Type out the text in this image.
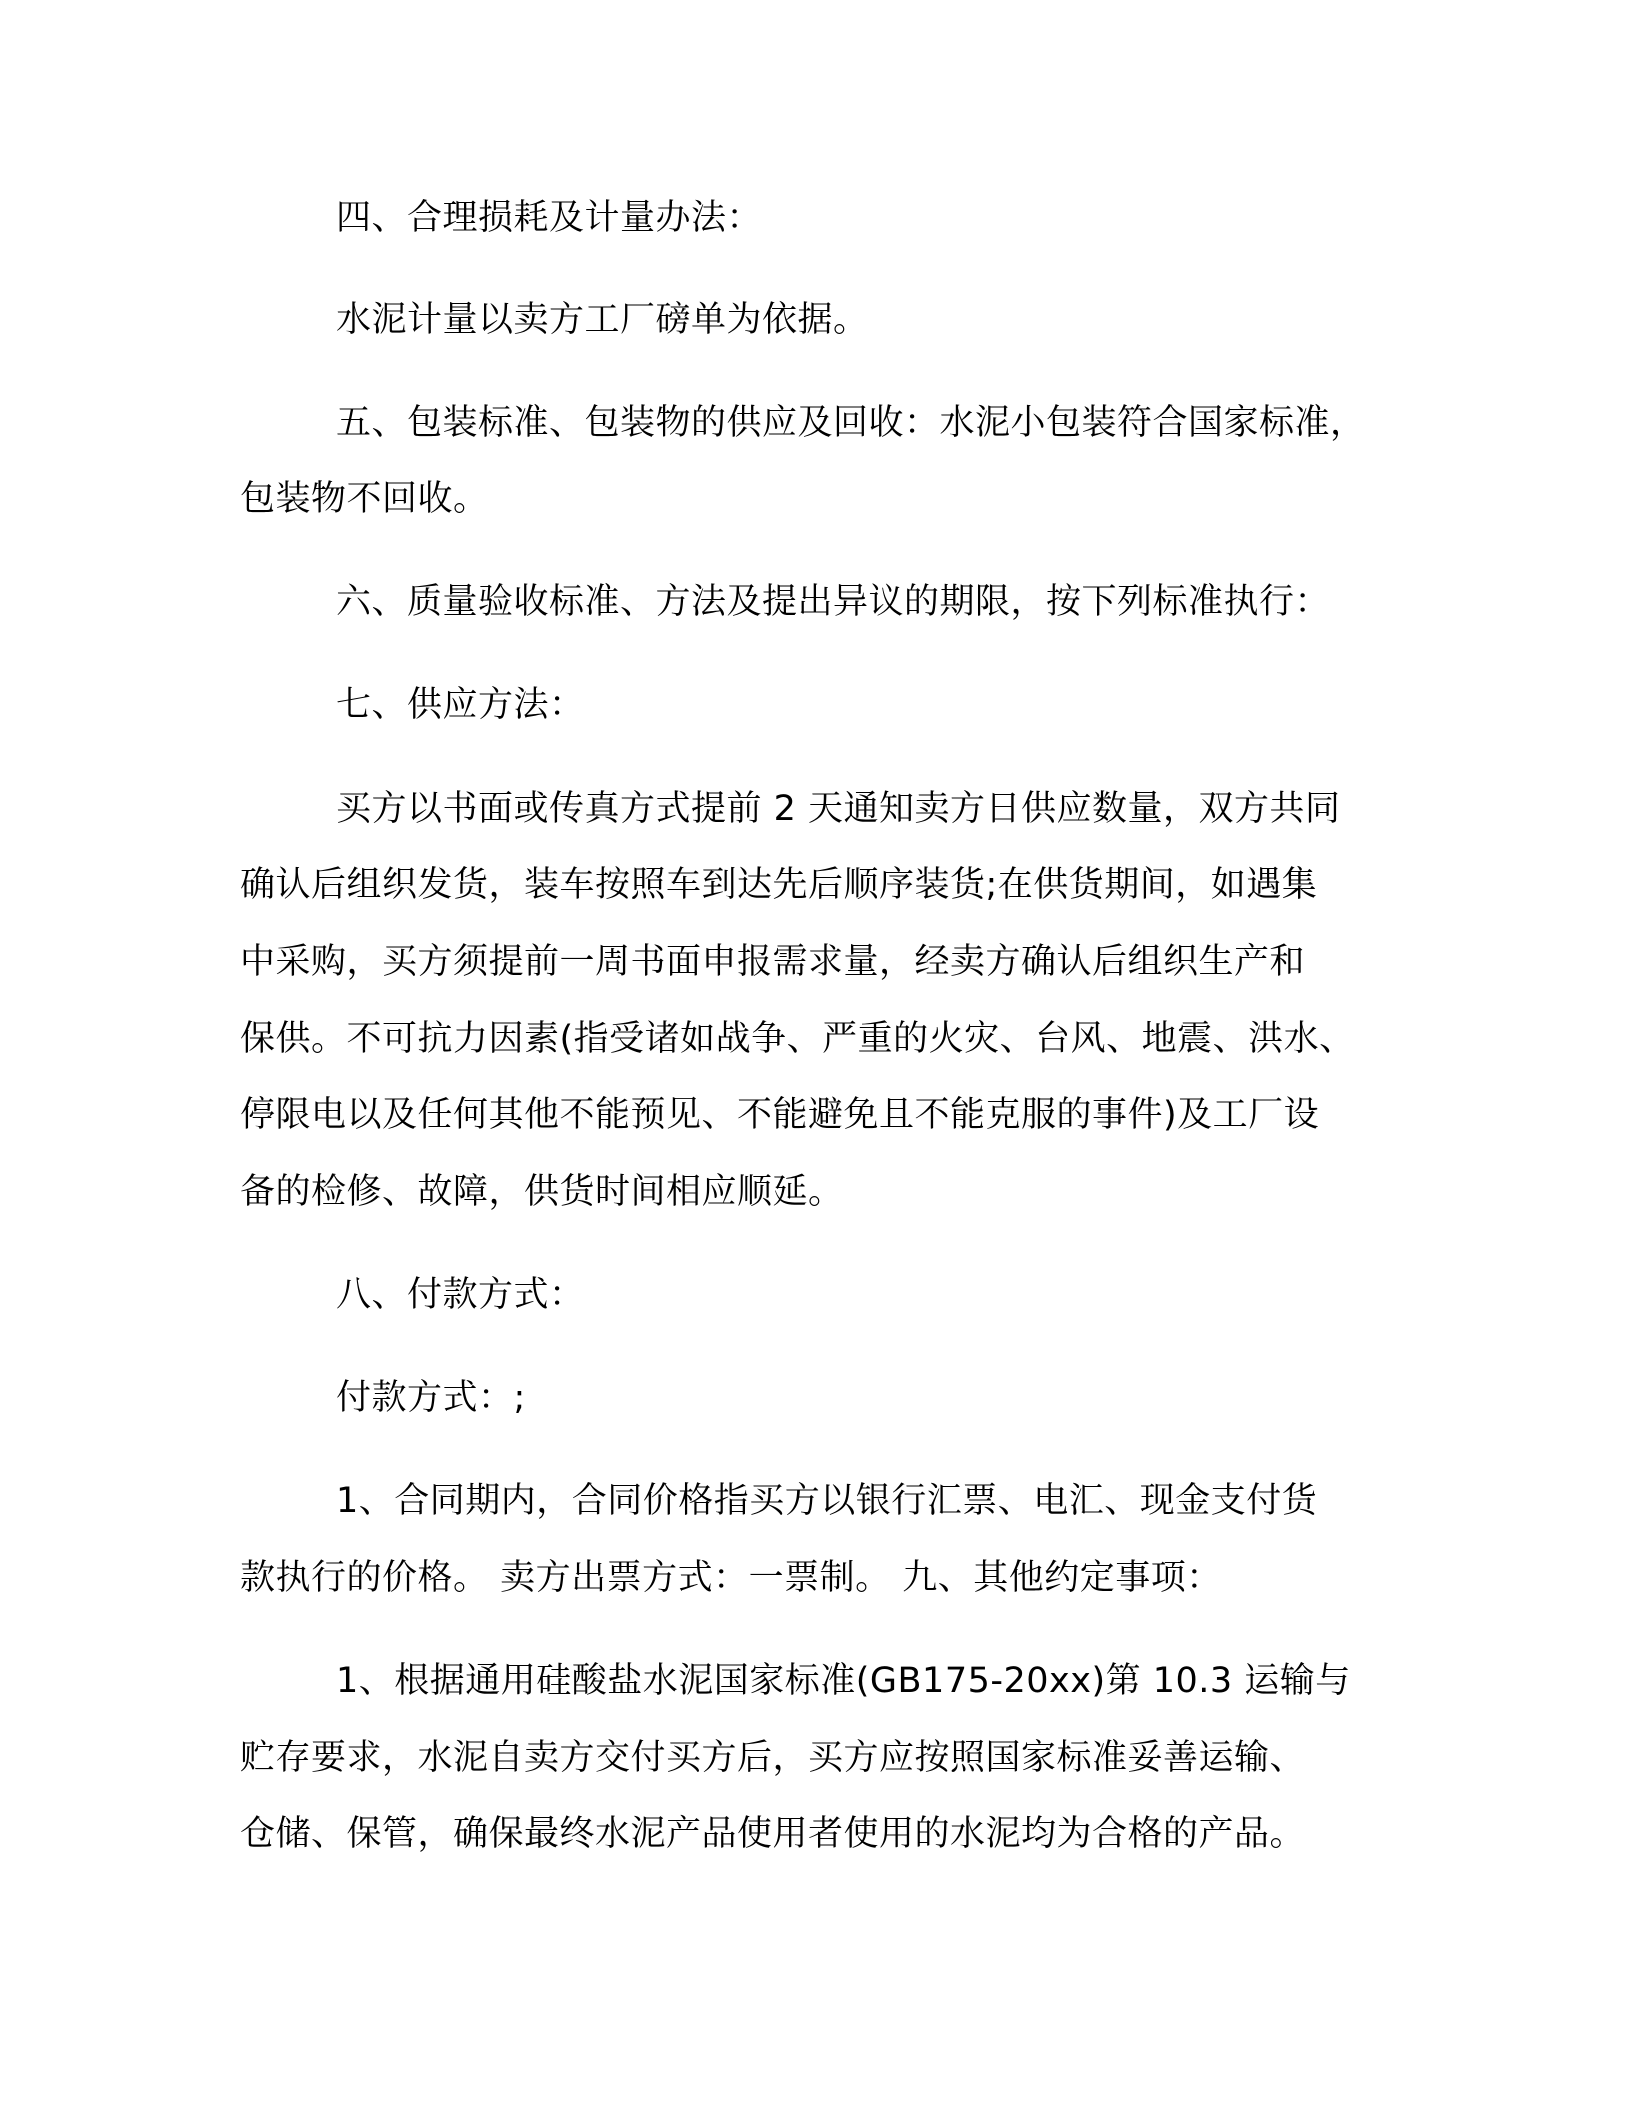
四、合理损耗及计量办法：
水泥计量以卖方工厂磅单为依据。
五、包装标准、包装物的供应及回收：水泥小包装符合国家标准，
包装物不回收。
六、质量验收标准、方法及提出异议的期限，按下列标准执行：
七、供应方法：
买方以书面或传真方式提前 2 天通知卖方日供应数量，双方共同
确认后组织发货，装车按照车到达先后顺序装货;在供货期间，如遇集
中采购，买方须提前一周书面申报需求量，经卖方确认后组织生产和
保供。不可抗力因素(指受诸如战争、严重的火灾、台风、地震、洪水、
停限电以及任何其他不能预见、不能避免且不能克服的事件)及工厂设
备的检修、故障，供货时间相应顺延。
八、付款方式：
付款方式：;
1、合同期内，合同价格指买方以银行汇票、电汇、现金支付货
款执行的价格。 卖方出票方式：一票制。 九、其他约定事项：
1、根据通用硅酸盐水泥国家标准(GB175-20xx)第 10.3 运输与
贮存要求，水泥自卖方交付买方后，买方应按照国家标准妥善运输、
仓储、保管，确保最终水泥产品使用者使用的水泥均为合格的产品。
